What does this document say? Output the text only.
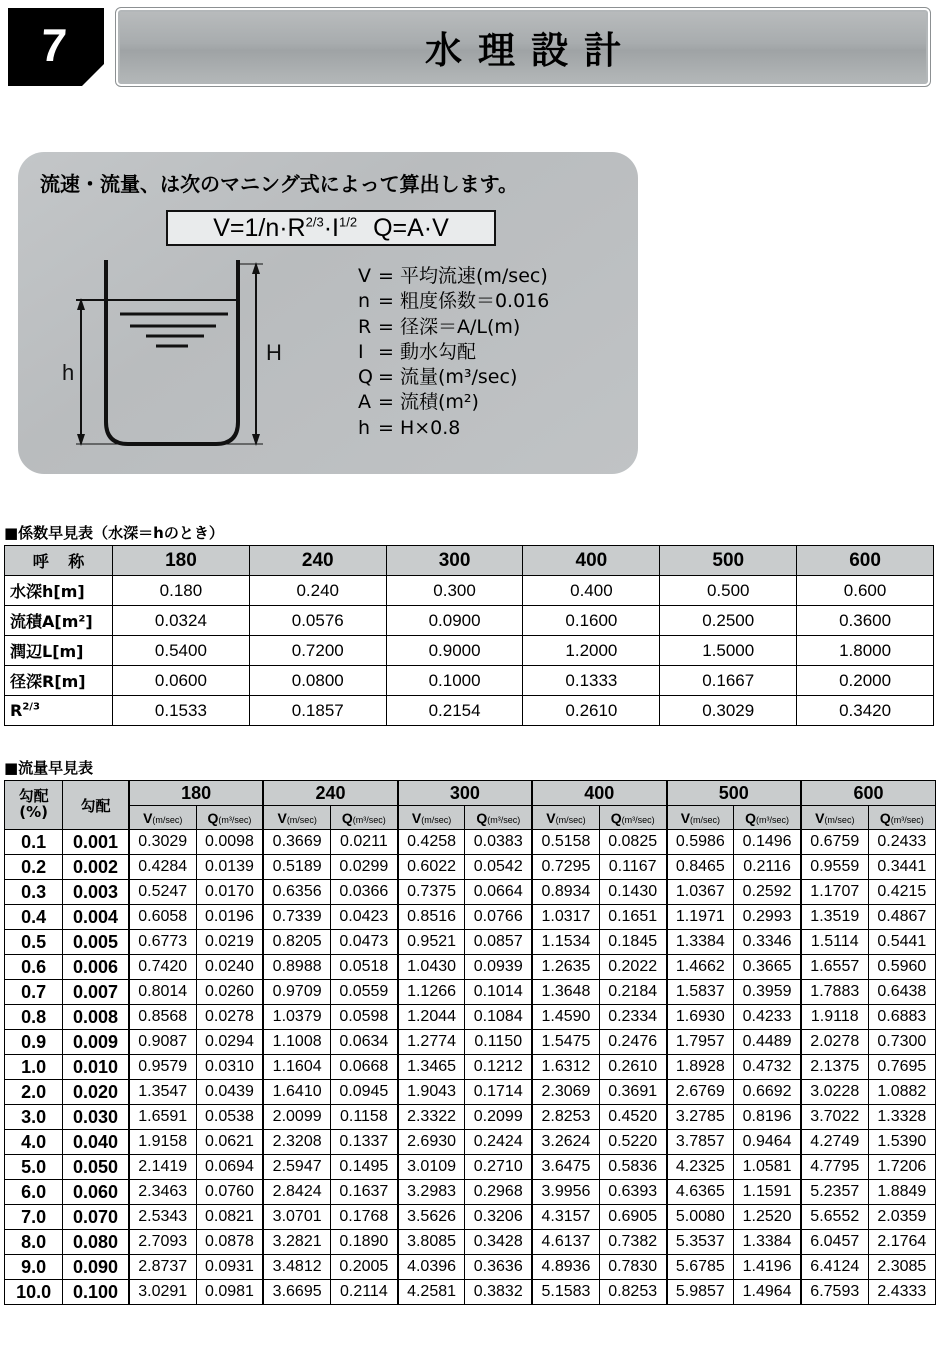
7	水理設計
流速・流量、は次のマニング式によって算出します。
$V=1/n\cdot R^{2/3}\cdot I^{1/2}$ Q=A·V
h
H
V = 平均流速(m/sec)
n = 粗度係数＝0.016
R = 径深＝A/L(m)
I = 動水勾配
Q = 流量(m³/sec)
A = 流積(m²)
h = H×0.8
■係数早見表（水深＝hのとき）
呼 称	180	240	300	400	500	600
水深h[m]	0.180	0.240	0.300	0.400	0.500	0.600
流積A[m²]	0.0324	0.0576	0.0900	0.1600	0.2500	0.3600
潤辺L[m]	0.5400	0.7200	0.9000	1.2000	1.5000	1.8000
径深R[m]	0.0600	0.0800	0.1000	0.1333	0.1667	0.2000
$R^{2/3}$	0.1533	0.1857	0.2154	0.2610	0.3029	0.3420
■流量早見表
勾配
(%)	勾配	180		240		300		400		500		600	
		V(m/sec)	Q(m³/sec)	V(m/sec)	Q(m³/sec)	V(m/sec)	Q(m³/sec)	V(m/sec)	Q(m³/sec)	V(m/sec)	Q(m³/sec)	V(m/sec)	Q(m³/sec)
0.1	0.001	0.3029	0.0098	0.3669	0.0211	0.4258	0.0383	0.5158	0.0825	0.5986	0.1496	0.6759	0.2433
0.2	0.002	0.4284	0.0139	0.5189	0.0299	0.6022	0.0542	0.7295	0.1167	0.8465	0.2116	0.9559	0.3441
0.3	0.003	0.5247	0.0170	0.6356	0.0366	0.7375	0.0664	0.8934	0.1430	1.0367	0.2592	1.1707	0.4215
0.4	0.004	0.6058	0.0196	0.7339	0.0423	0.8516	0.0766	1.0317	0.1651	1.1971	0.2993	1.3519	0.4867
0.5	0.005	0.6773	0.0219	0.8205	0.0473	0.9521	0.0857	1.1534	0.1845	1.3384	0.3346	1.5114	0.5441
0.6	0.006	0.7420	0.0240	0.8988	0.0518	1.0430	0.0939	1.2635	0.2022	1.4662	0.3665	1.6557	0.5960
0.7	0.007	0.8014	0.0260	0.9709	0.0559	1.1266	0.1014	1.3648	0.2184	1.5837	0.3959	1.7883	0.6438
0.8	0.008	0.8568	0.0278	1.0379	0.0598	1.2044	0.1084	1.4590	0.2334	1.6930	0.4233	1.9118	0.6883
0.9	0.009	0.9087	0.0294	1.1008	0.0634	1.2774	0.1150	1.5475	0.2476	1.7957	0.4489	2.0278	0.7300
1.0	0.010	0.9579	0.0310	1.1604	0.0668	1.3465	0.1212	1.6312	0.2610	1.8928	0.4732	2.1375	0.7695
2.0	0.020	1.3547	0.0439	1.6410	0.0945	1.9043	0.1714	2.3069	0.3691	2.6769	0.6692	3.0228	1.0882
3.0	0.030	1.6591	0.0538	2.0099	0.1158	2.3322	0.2099	2.8253	0.4520	3.2785	0.8196	3.7022	1.3328
4.0	0.040	1.9158	0.0621	2.3208	0.1337	2.6930	0.2424	3.2624	0.5220	3.7857	0.9464	4.2749	1.5390
5.0	0.050	2.1419	0.0694	2.5947	0.1495	3.0109	0.2710	3.6475	0.5836	4.2325	1.0581	4.7795	1.7206
6.0	0.060	2.3463	0.0760	2.8424	0.1637	3.2983	0.2968	3.9956	0.6393	4.6365	1.1591	5.2357	1.8849
7.0	0.070	2.5343	0.0821	3.0701	0.1768	3.5626	0.3206	4.3157	0.6905	5.0080	1.2520	5.6552	2.0359
8.0	0.080	2.7093	0.0878	3.2821	0.1890	3.8085	0.3428	4.6137	0.7382	5.3537	1.3384	6.0457	2.1764
9.0	0.090	2.8737	0.0931	3.4812	0.2005	4.0396	0.3636	4.8936	0.7830	5.6785	1.4196	6.4124	2.3085
10.0	0.100	3.0291	0.0981	3.6695	0.2114	4.2581	0.3832	5.1583	0.8253	5.9857	1.4964	6.7593	2.4333
